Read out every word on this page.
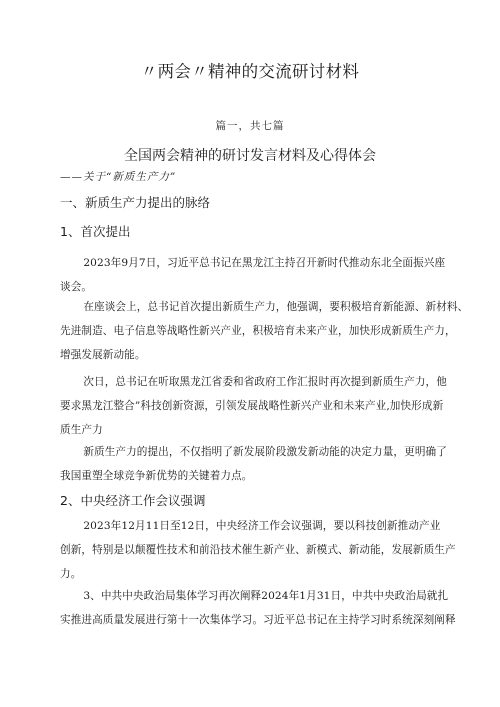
〃两会〃精神的交流研讨材料
篇一，共七篇
全国两会精神的研讨发言材料及心得体会
——关于“新质生产力”
一、新质生产力提出的脉络
1、首次提出
2023年9月7日，习近平总书记在黑龙江主持召开新时代推动东北全面振兴座
谈会。
在座谈会上，总书记首次提出新质生产力，他强调，要积极培育新能源、新材料、
先进制造、电子信息等战略性新兴产业，积极培育未来产业，加快形成新质生产力，
增强发展新动能。
次日，总书记在听取黑龙江省委和省政府工作汇报时再次提到新质生产力，他
要求黑龙江整合”科技创新资源，引领发展战略性新兴产业和未来产业,加快形成新
质生产力
新质生产力的提出，不仅指明了新发展阶段激发新动能的决定力量，更明确了
我国重塑全球竞争新优势的关键着力点。
2、中央经济工作会议强调
2023年12月11日至12日，中央经济工作会议强调，要以科技创新推动产业
创新，特别是以颠覆性技术和前沿技术催生新产业、新模式、新动能，发展新质生产
力。
3、中共中央政治局集体学习再次阐释2024年1月31日，中共中央政治局就扎
实推进高质量发展进行第十一次集体学习。习近平总书记在主持学习时系统深刻阐释
